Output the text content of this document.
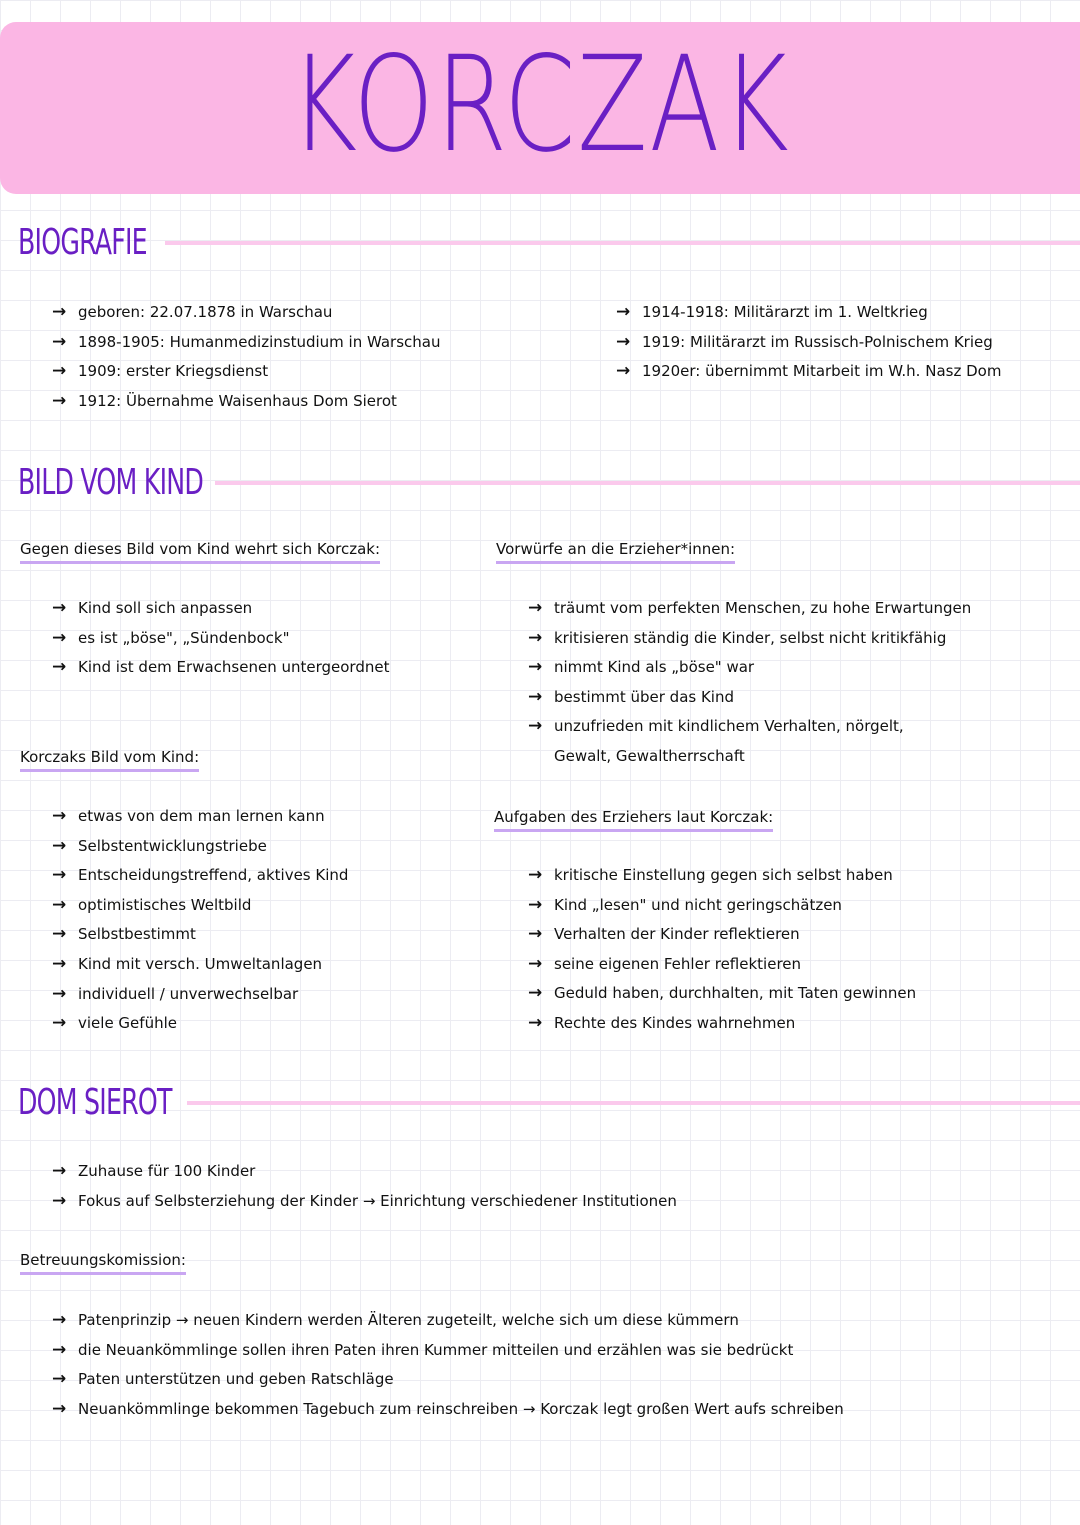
KORCZAK
BIOGRAFIE
→ geboren: 22.07.1878 in Warschau
→ 1898-1905: Humanmedizinstudium in Warschau
→ 1909: erster Kriegsdienst
→ 1912: Übernahme Waisenhaus Dom Sierot
→ 1914-1918: Militärarzt im 1. Weltkrieg
→ 1919: Militärarzt im Russisch-Polnischem Krieg
→ 1920er: übernimmt Mitarbeit im W.h. Nasz Dom
BILD VOM KIND
Gegen dieses Bild vom Kind wehrt sich Korczak:
→ Kind soll sich anpassen
→ es ist „böse", „Sündenbock"
→ Kind ist dem Erwachsenen untergeordnet
Vorwürfe an die Erzieher*innen:
→ träumt vom perfekten Menschen, zu hohe Erwartungen
→ kritisieren ständig die Kinder, selbst nicht kritikfähig
→ nimmt Kind als „böse" war
→ bestimmt über das Kind
→ unzufrieden mit kindlichem Verhalten, nörgelt,
Gewalt, Gewaltherrschaft
Korczaks Bild vom Kind:
→ etwas von dem man lernen kann
→ Selbstentwicklungstriebe
→ Entscheidungstreffend, aktives Kind
→ optimistisches Weltbild
→ Selbstbestimmt
→ Kind mit versch. Umweltanlagen
→ individuell / unverwechselbar
→ viele Gefühle
Aufgaben des Erziehers laut Korczak:
→ kritische Einstellung gegen sich selbst haben
→ Kind „lesen" und nicht geringschätzen
→ Verhalten der Kinder reflektieren
→ seine eigenen Fehler reflektieren
→ Geduld haben, durchhalten, mit Taten gewinnen
→ Rechte des Kindes wahrnehmen
DOM SIEROT
→ Zuhause für 100 Kinder
→ Fokus auf Selbsterziehung der Kinder → Einrichtung verschiedener Institutionen
Betreuungskomission:
→ Patenprinzip → neuen Kindern werden Älteren zugeteilt, welche sich um diese kümmern
→ die Neuankömmlinge sollen ihren Paten ihren Kummer mitteilen und erzählen was sie bedrückt
→ Paten unterstützen und geben Ratschläge
→ Neuankömmlinge bekommen Tagebuch zum reinschreiben → Korczak legt großen Wert aufs schreiben
